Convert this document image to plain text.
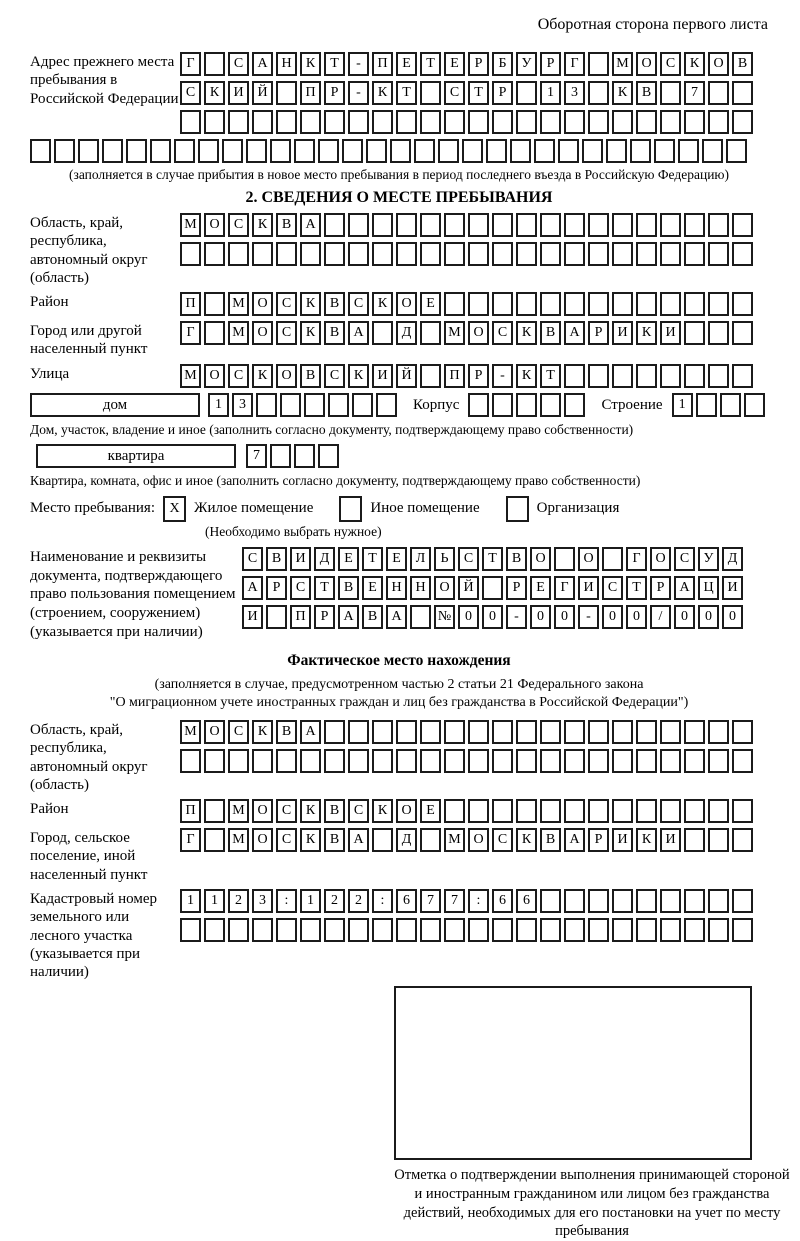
Оборотная сторона первого листа
Адрес прежнего места пребывания в Российской Федерации
Г	С	А Н	К	Т	-	П	Е	Т	Е	Р	Б	У	Р	Г	М О	С	К	О	В
С	К	И Й	П	Р	-	К	Т	С	Т	Р	1	3	К	В	7
(заполняется в случае прибытия в новое место пребывания в период последнего въезда в Российскую Федерацию)
2. СВЕДЕНИЯ О МЕСТЕ ПРЕБЫВАНИЯ
Область, край, республика, автономный округ (область)
М О	С	К	В	А
Район	П	М О	С	К	В	С	К	О	Е
Город или другой населенный пункт
Г	М О	С	К	В	А	Д	М О	С	К	В	А	Р	И	К	И
Улица	М О	С	К	О	В	С	К	И Й	П	Р	-	К	Т
дом	1	3	Корпус	Строение	1
Дом, участок, владение и иное (заполнить согласно документу, подтверждающему право собственности)
квартира	7
Квартира, комната, офис и иное (заполнить согласно документу, подтверждающему право собственности)
Место пребывания:	X Жилое помещение	Иное помещение	Организация
(Необходимо выбрать нужное)
Наименование и реквизиты документа, подтверждающего право пользования помещением (строением, сооружением) (указывается при наличии)
С	В	И	Д	Е	Т	Е	Л	Ь	С	Т	В	О	О	Г	О	С	У	Д
А	Р	С	Т	В	Е	Н Н О Й	Р	Е	Г	И	С	Т	Р	А Ц И
И	П	Р	А	В	А	№ 0	0	-	0	0	-	0	0	/	0	0	0
Фактическое место нахождения
(заполняется в случае, предусмотренном частью 2 статьи 21 Федерального закона
"О миграционном учете иностранных граждан и лиц без гражданства в Российской Федерации")
Область, край, республика, автономный округ (область)
М О	С	К	В	А
Район	П	М О	С	К	В	С	К	О	Е
Город, сельское поселение, иной населенный пункт
Г	М О	С	К	В	А	Д	М О	С	К	В	А	Р	И	К	И
Кадастровый номер земельного или лесного участка (указывается при наличии)
1	1	2	3	:	1	2	2	:	6	7	7	:	6	6
Отметка о подтверждении выполнения принимающей стороной и иностранным гражданином или лицом без гражданства действий, необходимых для его постановки на учет по месту пребывания
